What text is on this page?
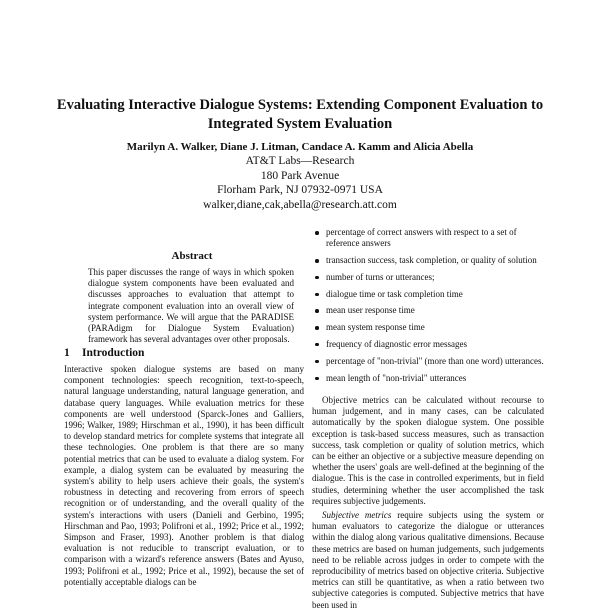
Evaluating Interactive Dialogue Systems: Extending Component Evaluation to
Integrated System Evaluation
Marilyn A. Walker, Diane J. Litman, Candace A. Kamm and Alicia Abella
AT&T Labs—Research
180 Park Avenue
Florham Park, NJ 07932-0971 USA
walker,diane,cak,abella@research.att.com
Abstract

This paper discusses the range of ways in which spoken dialogue system components have been evaluated and discusses approaches to evaluation that attempt to integrate component evaluation into an overall view of system performance. We will argue that the PARADISE (PARAdigm for Dialogue System Evaluation) framework has several advantages over other proposals.

1 Introduction

Interactive spoken dialogue systems are based on many component technologies: speech recognition, text-to-speech, natural language understanding, natural language generation, and database query languages. While evaluation metrics for these components are well understood (Sparck-Jones and Galliers, 1996; Walker, 1989; Hirschman et al., 1990), it has been difficult to develop standard metrics for complete systems that integrate all these technologies. One problem is that there are so many potential metrics that can be used to evaluate a dialog system. For example, a dialog system can be evaluated by measuring the system's ability to help users achieve their goals, the system's robustness in detecting and recovering from errors of speech recognition or of understanding, and the overall quality of the system's interactions with users (Danieli and Gerbino, 1995; Hirschman and Pao, 1993; Polifroni et al., 1992; Price et al., 1992; Simpson and Fraser, 1993). Another problem is that dialog evaluation is not reducible to transcript evaluation, or to comparison with a wizard's reference answers (Bates and Ayuso, 1993; Polifroni et al., 1992; Price et al., 1992), because the set of potentially acceptable dialogs can be

percentage of correct answers with respect to a set of reference answers
transaction success, task completion, or quality of solution
number of turns or utterances;
dialogue time or task completion time
mean user response time
mean system response time
frequency of diagnostic error messages
percentage of "non-trivial" (more than one word) utterances.
mean length of "non-trivial" utterances

Objective metrics can be calculated without recourse to human judgement, and in many cases, can be calculated automatically by the spoken dialogue system. One possible exception is task-based success measures, such as transaction success, task completion or quality of solution metrics, which can be either an objective or a subjective measure depending on whether the users' goals are well-defined at the beginning of the dialogue. This is the case in controlled experiments, but in field studies, determining whether the user accomplished the task requires subjective judgements.

Subjective metrics require subjects using the system or human evaluators to categorize the dialogue or utterances within the dialog along various qualitative dimensions. Because these metrics are based on human judgements, such judgements need to be reliable across judges in order to compete with the reproducibility of metrics based on objective criteria. Subjective metrics can still be quantitative, as when a ratio between two subjective categories is computed. Subjective metrics that have been used in
